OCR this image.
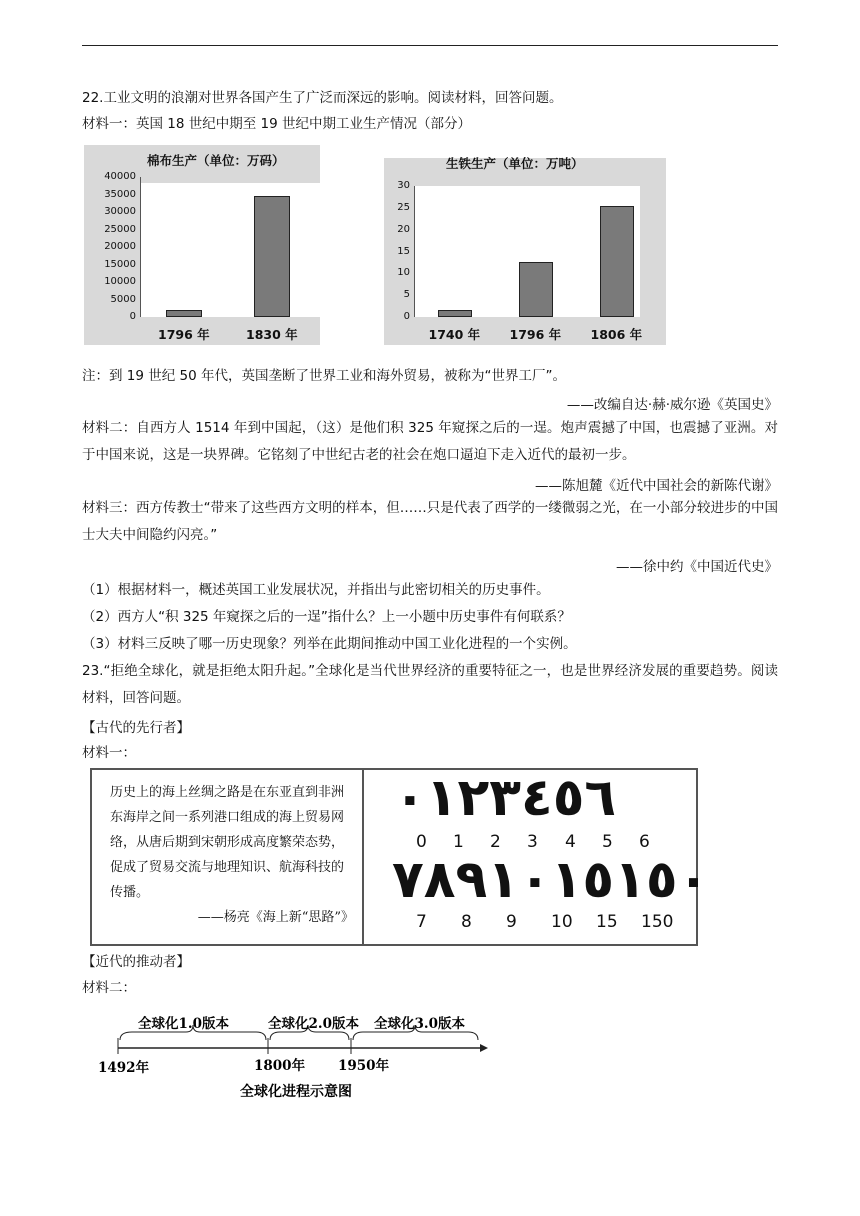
22.工业文明的浪潮对世界各国产生了广泛而深远的影响。阅读材料，回答问题。
材料一：英国 18 世纪中期至 19 世纪中期工业生产情况（部分）
棉布生产（单位：万码）
40000
35000
30000
25000
20000
15000
10000
5000
0
1796 年	1830 年
生铁生产（单位：万吨）
30
25
20
15
10
5
0
1740 年 1796 年 1806 年
注：到 19 世纪 50 年代，英国垄断了世界工业和海外贸易，被称为“世界工厂”。
——改编自达·赫·威尔逊《英国史》
材料二：自西方人 1514 年到中国起，（这）是他们积 325 年窥探之后的一逞。炮声震撼了中国，也震撼了亚洲。对于中国来说，这是一块界碑。它铭刻了中世纪古老的社会在炮口逼迫下走入近代的最初一步。
——陈旭麓《近代中国社会的新陈代谢》
材料三：西方传教士“带来了这些西方文明的样本，但……只是代表了西学的一缕微弱之光，在一小部分较进步的中国士大夫中间隐约闪亮。”
——徐中约《中国近代史》
（1）根据材料一，概述英国工业发展状况，并指出与此密切相关的历史事件。
（2）西方人“积 325 年窥探之后的一逞”指什么？上一小题中历史事件有何联系？
（3）材料三反映了哪一历史现象？列举在此期间推动中国工业化进程的一个实例。
23.“拒绝全球化，就是拒绝太阳升起。”全球化是当代世界经济的重要特征之一，也是世界经济发展的重要趋势。阅读材料，回答问题。
【古代的先行者】
材料一：
历史上的海上丝绸之路是在东亚直到非洲东海岸之间一系列港口组成的海上贸易网络，从唐后期到宋朝形成高度繁荣态势，促成了贸易交流与地理知识、航海科技的传播。
——杨亮《海上新“思路”》
٠١٢٣٤٥٦
0 1 2 3 4 5 6
٧٨٩١٠١٥١٥٠
7 8 9 10 15 150
【近代的推动者】
材料二：
全球化1.0版本	全球化2.0版本 全球化3.0版本
1492年	1800年 1950年
全球化进程示意图
